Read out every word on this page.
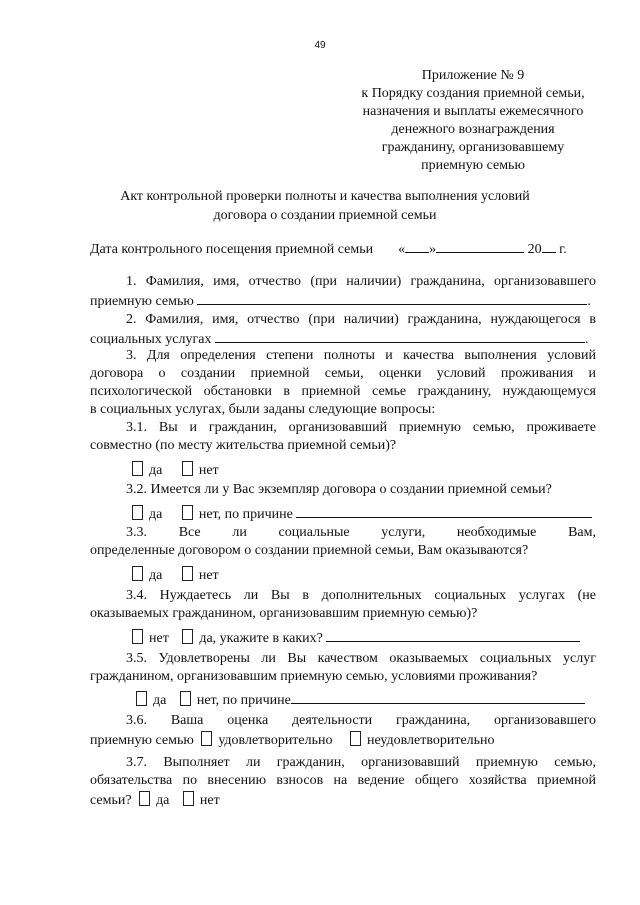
49
Приложение № 9
к Порядку создания приемной семьи,
назначения и выплаты ежемесячного
денежного вознаграждения
гражданину, организовавшему
приемную семью
Акт контрольной проверки полноты и качества выполнения условий
договора о создании приемной семьи
Дата контрольного посещения приемной семьи « »	20 г.
1. Фамилия, имя, отчество (при наличии) гражданина, организовавшего
приемную семью	.
2. Фамилия, имя, отчество (при наличии) гражданина, нуждающегося в
социальных услугах	.
3. Для определения степени полноты и качества выполнения условий
договора о создании приемной семьи, оценки условий проживания и
психологической обстановки в приемной семье гражданину, нуждающемуся
в социальных услугах, были заданы следующие вопросы:
3.1. Вы и гражданин, организовавший приемную семью, проживаете
совместно (по месту жительства приемной семьи)?
да	нет
3.2. Имеется ли у Вас экземпляр договора о создании приемной семьи?
да	нет, по причине
3.3. Все ли социальные услуги, необходимые Вам,
определенные договором о создании приемной семьи, Вам оказываются?
да	нет
3.4. Нуждаетесь ли Вы в дополнительных социальных услугах (не
оказываемых гражданином, организовавшим приемную семью)?
нет да, укажите в каких?
3.5. Удовлетворены ли Вы качеством оказываемых социальных услуг
гражданином, организовавшим приемную семью, условиями проживания?
да нет, по причине
3.6. Ваша оценка деятельности гражданина, организовавшего
приемную семью удовлетворительно неудовлетворительно
3.7. Выполняет ли гражданин, организовавший приемную семью,
обязательства по внесению взносов на ведение общего хозяйства приемной
семьи? да нет
